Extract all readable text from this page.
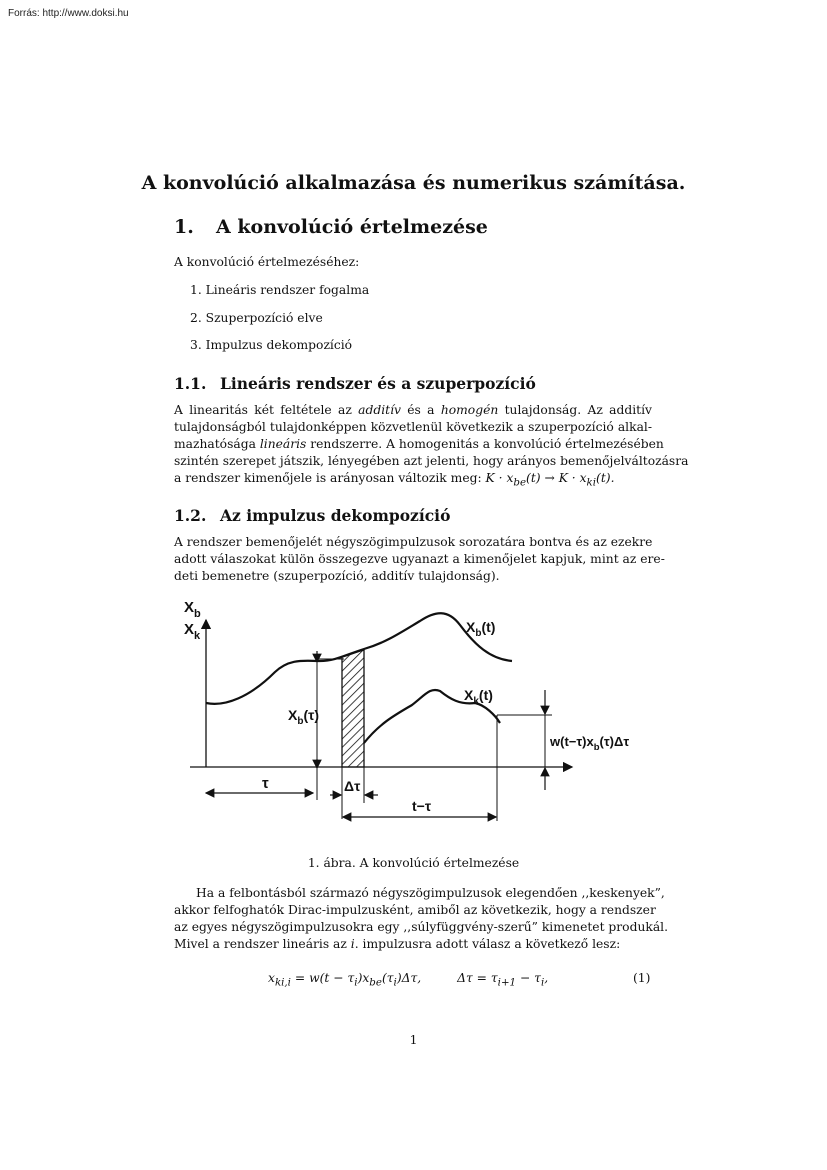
Forrás: http://www.doksi.hu
A konvolúció alkalmazása és numerikus számítása.
1. A konvolúció értelmezése
A konvolúció értelmezéséhez:
1. Lineáris rendszer fogalma
2. Szuperpozíció elve
3. Impulzus dekompozíció
1.1. Lineáris rendszer és a szuperpozíció
A linearitás két feltétele az additív és a homogén tulajdonság. Az additív
tulajdonságból tulajdonképpen közvetlenül következik a szuperpozíció alkal-
mazhatósága lineáris rendszerre. A homogenitás a konvolúció értelmezésében
szintén szerepet játszik, lényegében azt jelenti, hogy arányos bemenőjelváltozásra
a rendszer kimenőjele is arányosan változik meg: $K \cdot x_{be}(t) \to K \cdot x_{ki}(t)$.
1.2. Az impulzus dekompozíció
A rendszer bemenőjelét négyszögimpulzusok sorozatára bontva és az ezekre
adott válaszokat külön összegezve ugyanazt a kimenőjelet kapjuk, mint az ere-
deti bemenetre (szuperpozíció, additív tulajdonság).
$X_b$
$X_k$
$X_b(t)$
$X_k(t)$
$X_b(\tau)$
τ	Δτ
t−τ
$w(t-\tau)x_b(\tau)\Delta\tau$
1. ábra. A konvolúció értelmezése
Ha a felbontásból származó négyszögimpulzusok elegendően ,,keskenyek”,
akkor felfoghatók Dirac-impulzusként, amiből az következik, hogy a rendszer
az egyes négyszögimpulzusokra egy ,,súlyfüggvény-szerű” kimenetet produkál.
Mivel a rendszer lineáris az i. impulzusra adott válasz a következő lesz:
$x_{ki,i} = w(t - \tau_i)x_{be}(\tau_i)\Delta\tau$,	$\Delta\tau = \tau_{i+1} - \tau_i$,	(1)
1
